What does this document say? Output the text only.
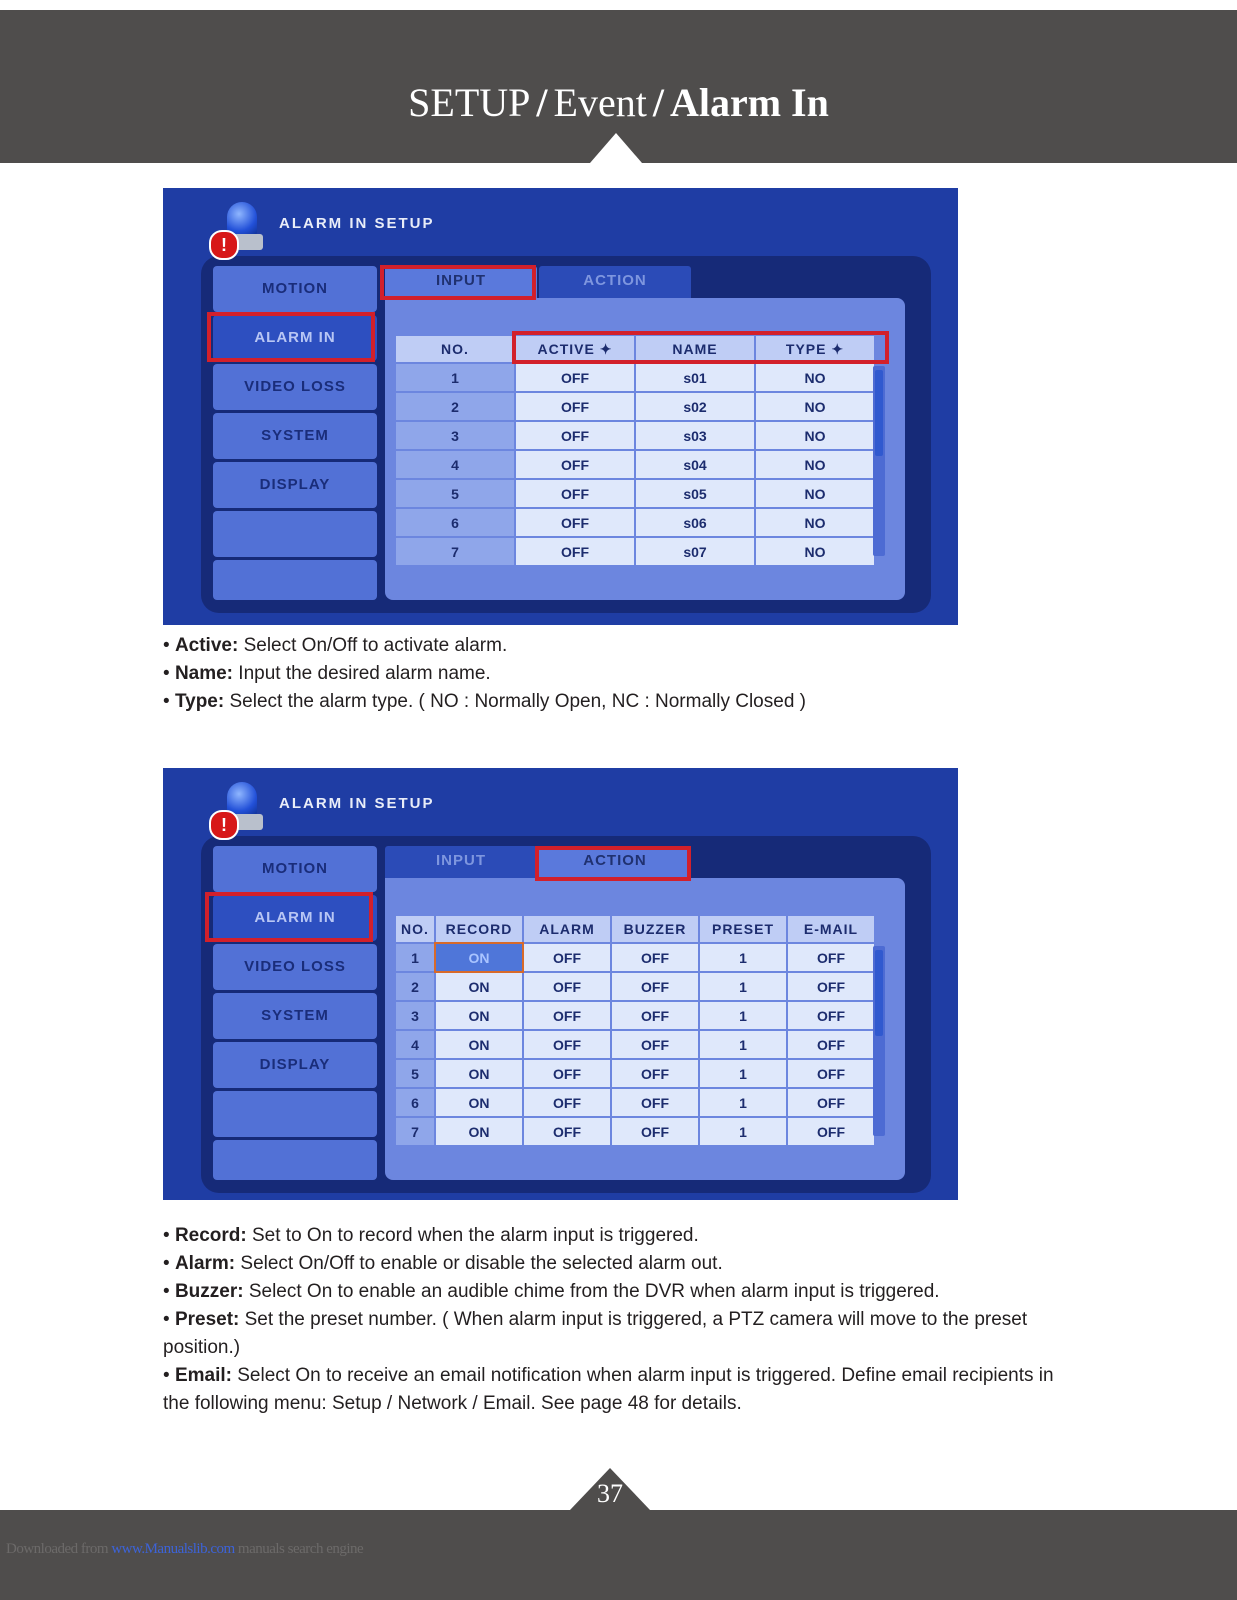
SETUP / Event / Alarm In
!
ALARM IN SETUP
MOTION
ALARM IN
VIDEO LOSS
SYSTEM
DISPLAY
INPUT	ACTION
NO.	ACTIVE ✦	NAME	TYPE ✦
1	OFF	s01	NO
2	OFF	s02	NO
3	OFF	s03	NO
4	OFF	s04	NO
5	OFF	s05	NO
6	OFF	s06	NO
7	OFF	s07	NO

• Active: Select On/Off to activate alarm.

• Name: Input the desired alarm name.

• Type: Select the alarm type. ( NO : Normally Open, NC : Normally Closed )

!
ALARM IN SETUP
MOTION
ALARM IN
VIDEO LOSS
SYSTEM
DISPLAY
INPUT	ACTION
NO.	RECORD	ALARM	BUZZER	PRESET	E-MAIL
1	ON	OFF	OFF	1	OFF
2	ON	OFF	OFF	1	OFF
3	ON	OFF	OFF	1	OFF
4	ON	OFF	OFF	1	OFF
5	ON	OFF	OFF	1	OFF
6	ON	OFF	OFF	1	OFF
7	ON	OFF	OFF	1	OFF

• Record: Set to On to record when the alarm input is triggered.

• Alarm: Select On/Off to enable or disable the selected alarm out.

• Buzzer: Select On to enable an audible chime from the DVR when alarm input is triggered.

• Preset: Set the preset number. ( When alarm input is triggered, a PTZ camera will move to the preset position.)

• Email: Select On to receive an email notification when alarm input is triggered. Define email recipients in the following menu: Setup / Network / Email. See page 48 for details.

37
Downloaded from www.Manualslib.com manuals search engine
